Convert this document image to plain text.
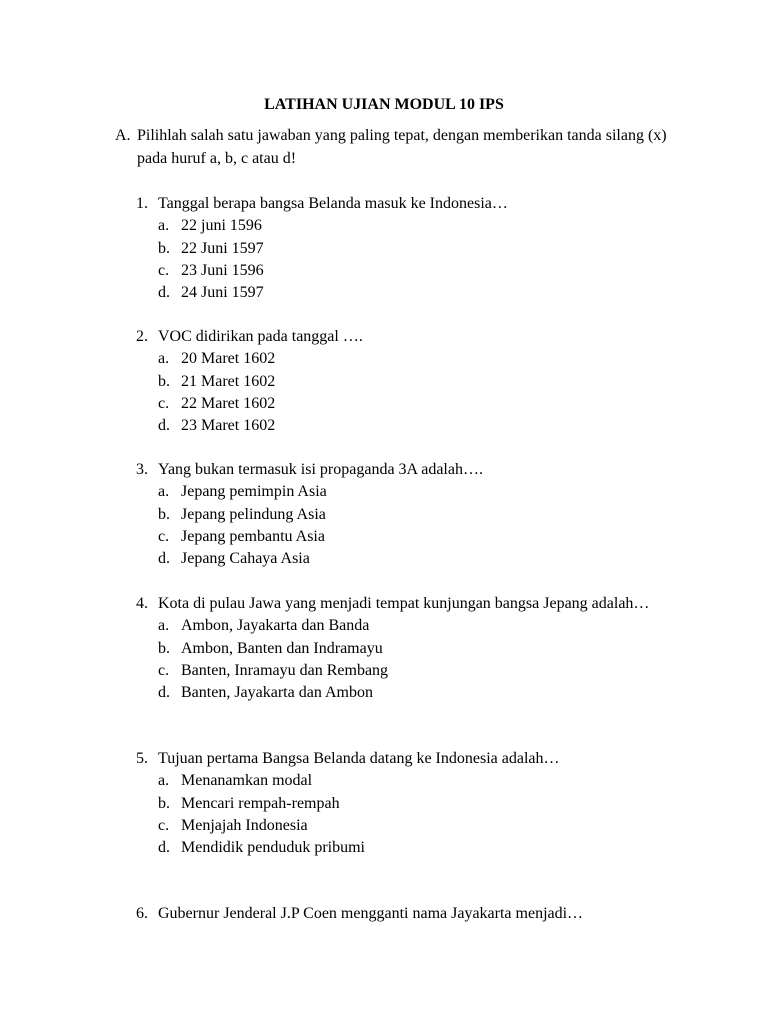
LATIHAN UJIAN MODUL 10 IPS
A. Pilihlah salah satu jawaban yang paling tepat, dengan memberikan tanda silang (x) pada huruf a, b, c atau d!
1. Tanggal berapa bangsa Belanda masuk ke Indonesia…
a. 22 juni 1596
b. 22 Juni 1597
c. 23 Juni 1596
d. 24 Juni 1597
2. VOC didirikan pada tanggal ….
a. 20 Maret 1602
b. 21 Maret 1602
c. 22 Maret 1602
d. 23 Maret 1602
3. Yang bukan termasuk isi propaganda 3A adalah….
a. Jepang pemimpin Asia
b. Jepang pelindung Asia
c. Jepang pembantu Asia
d. Jepang Cahaya Asia
4. Kota di pulau Jawa yang menjadi tempat kunjungan bangsa Jepang adalah…
a. Ambon, Jayakarta dan Banda
b. Ambon, Banten dan Indramayu
c. Banten, Inramayu dan Rembang
d. Banten, Jayakarta dan Ambon
5. Tujuan pertama Bangsa Belanda datang ke Indonesia adalah…
a. Menanamkan modal
b. Mencari rempah-rempah
c. Menjajah Indonesia
d. Mendidik penduduk pribumi
6. Gubernur Jenderal J.P Coen mengganti nama Jayakarta menjadi…
